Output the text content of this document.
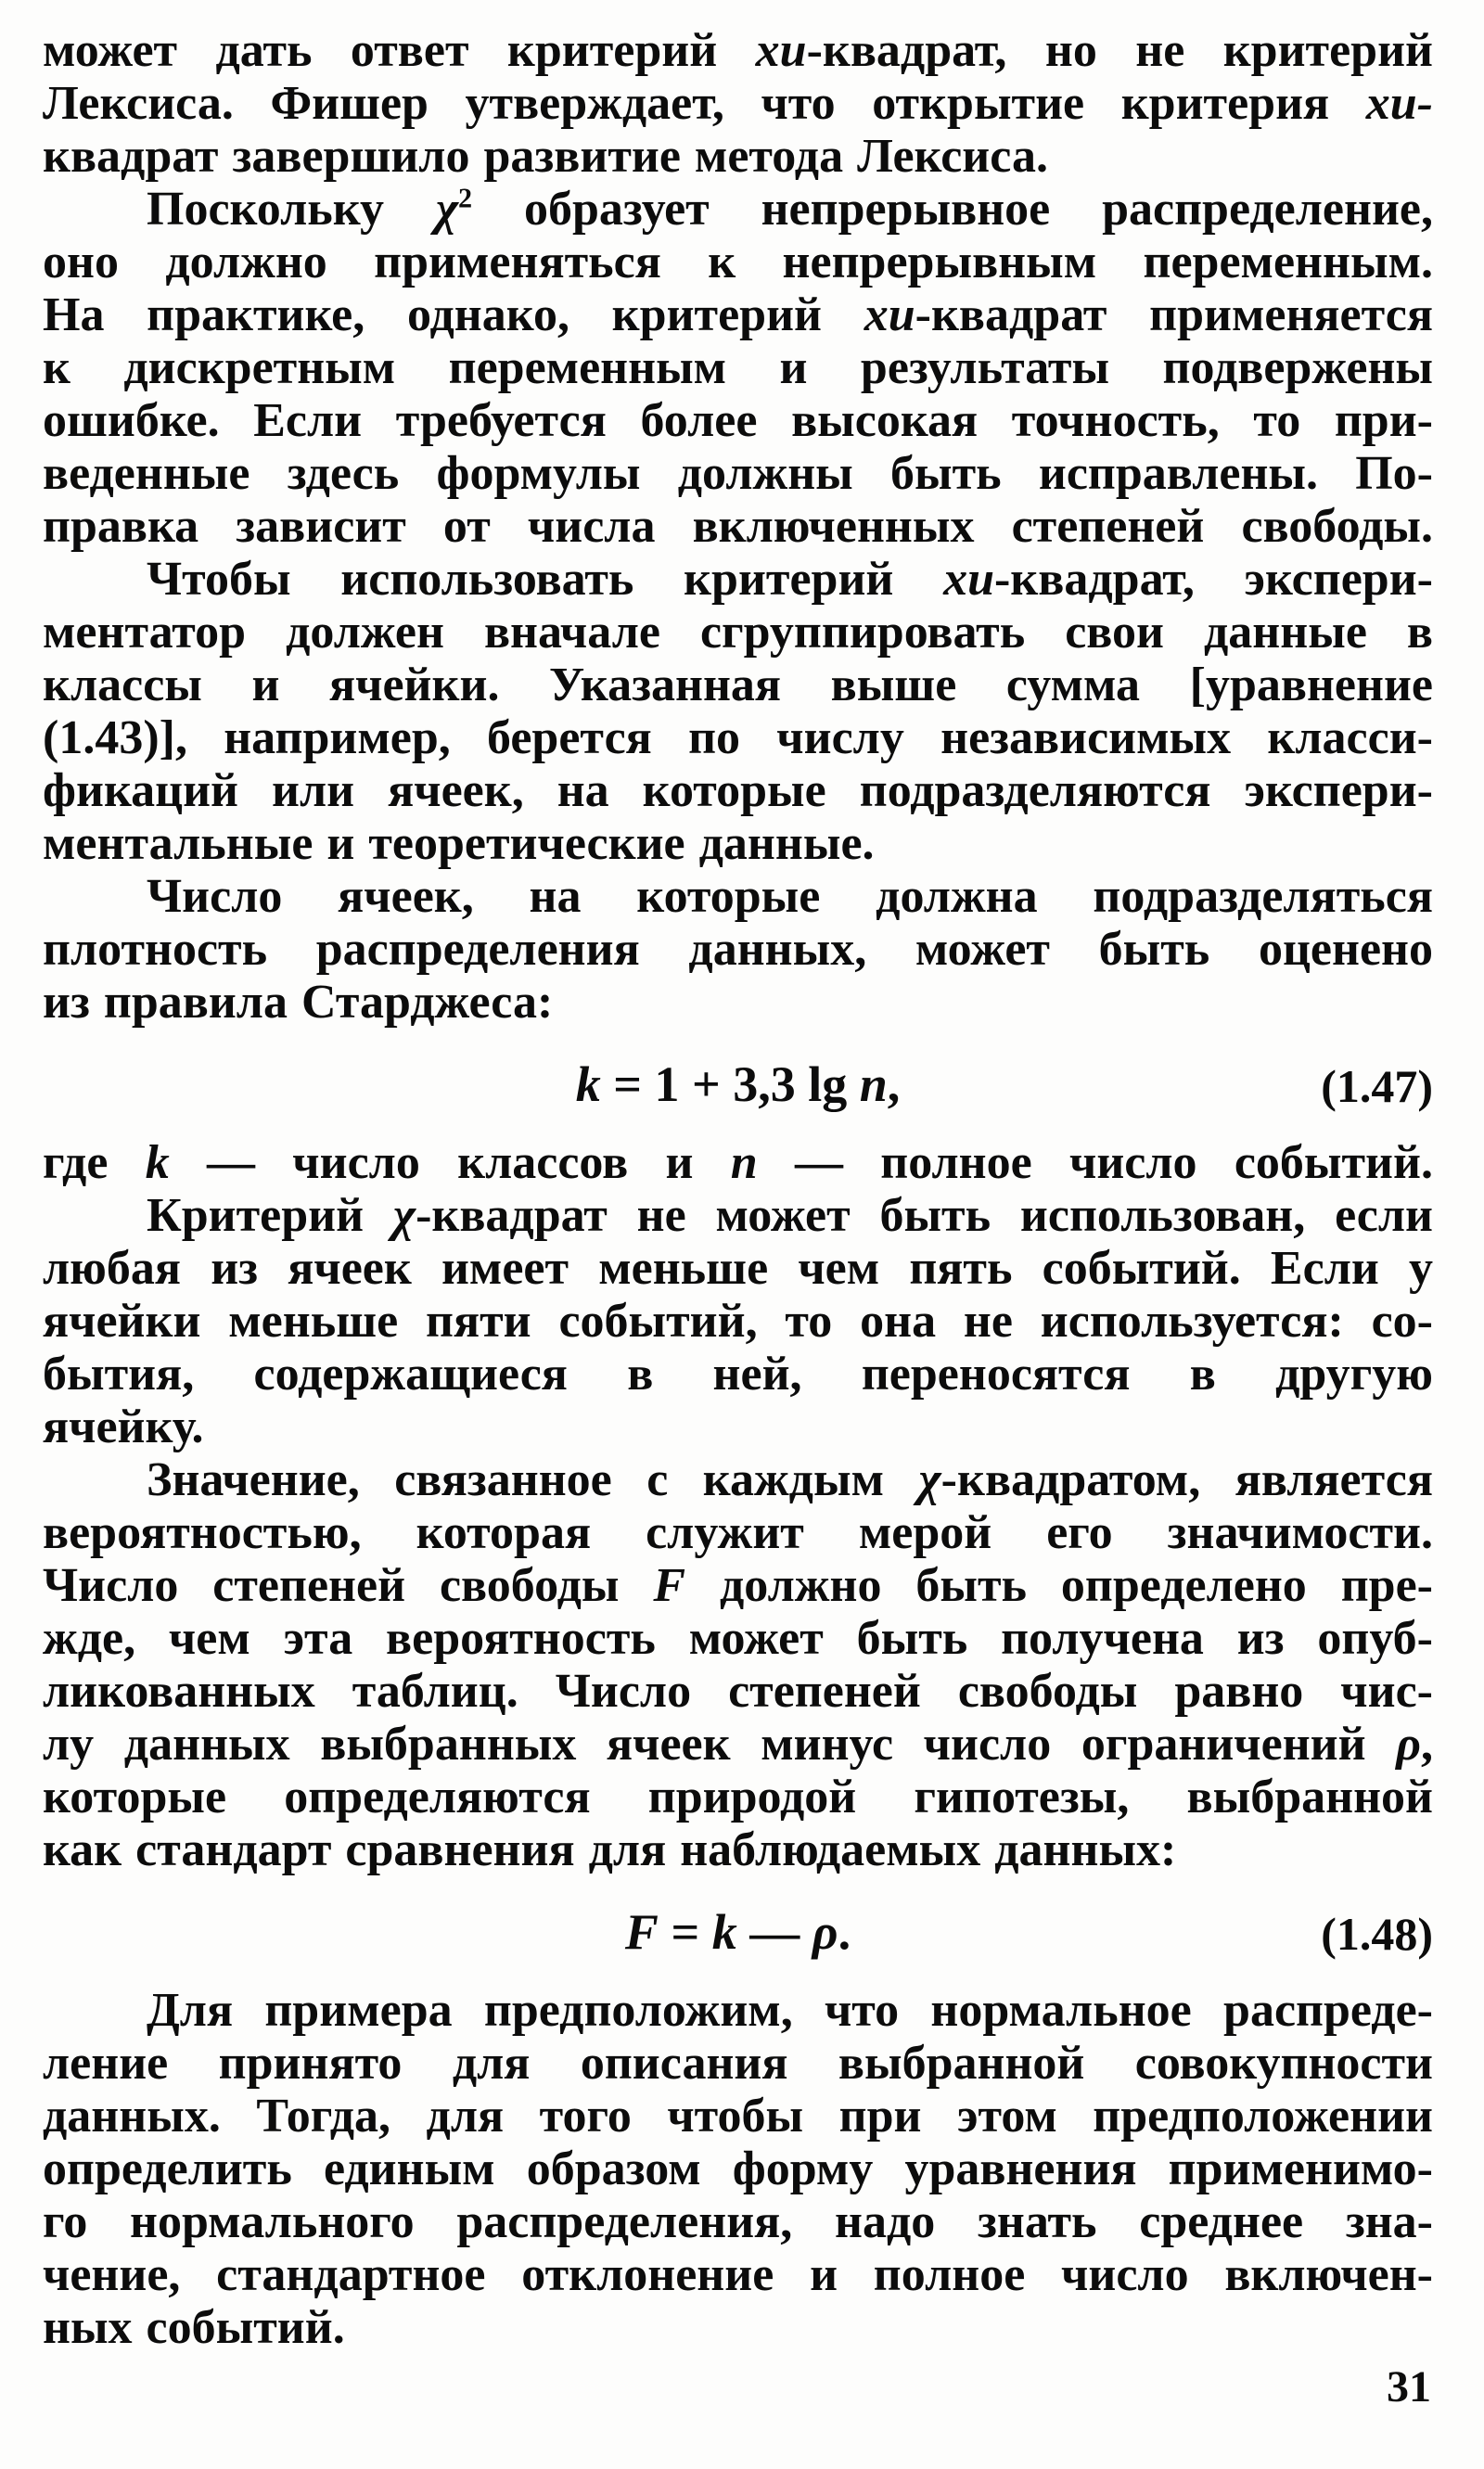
может дать ответ критерий хи-квадрат, но не критерий
Лексиса. Фишер утверждает, что открытие критерия хи-
квадрат завершило развитие метода Лексиса.
Поскольку $\chi^2$ образует непрерывное распределение,
оно должно применяться к непрерывным переменным.
На практике, однако, критерий хи-квадрат применяется
к дискретным переменным и результаты подвержены
ошибке. Если требуется более высокая точность, то при-
веденные здесь формулы должны быть исправлены. По-
правка зависит от числа включенных степеней свободы.
Чтобы использовать критерий хи-квадрат, экспери-
ментатор должен вначале сгруппировать свои данные в
классы и ячейки. Указанная выше сумма [уравнение
(1.43)], например, берется по числу независимых класси-
фикаций или ячеек, на которые подразделяются экспери-
ментальные и теоретические данные.
Число ячеек, на которые должна подразделяться
плотность распределения данных, может быть оценено
из правила Старджеса:
k = 1 + 3,3 lg n,	(1.47)
где k — число классов и n — полное число событий.
Критерий χ-квадрат не может быть использован, если
любая из ячеек имеет меньше чем пять событий. Если у
ячейки меньше пяти событий, то она не используется: со-
бытия, содержащиеся в ней, переносятся в другую
ячейку.
Значение, связанное с каждым χ-квадратом, является
вероятностью, которая служит мерой его значимости.
Число степеней свободы F должно быть определено пре-
жде, чем эта вероятность может быть получена из опуб-
ликованных таблиц. Число степеней свободы равно чис-
лу данных выбранных ячеек минус число ограничений ρ,
которые определяются природой гипотезы, выбранной
как стандарт сравнения для наблюдаемых данных:
F = k — ρ.	(1.48)
Для примера предположим, что нормальное распреде-
ление принято для описания выбранной совокупности
данных. Тогда, для того чтобы при этом предположении
определить единым образом форму уравнения применимо-
го нормального распределения, надо знать среднее зна-
чение, стандартное отклонение и полное число включен-
ных событий.
31
